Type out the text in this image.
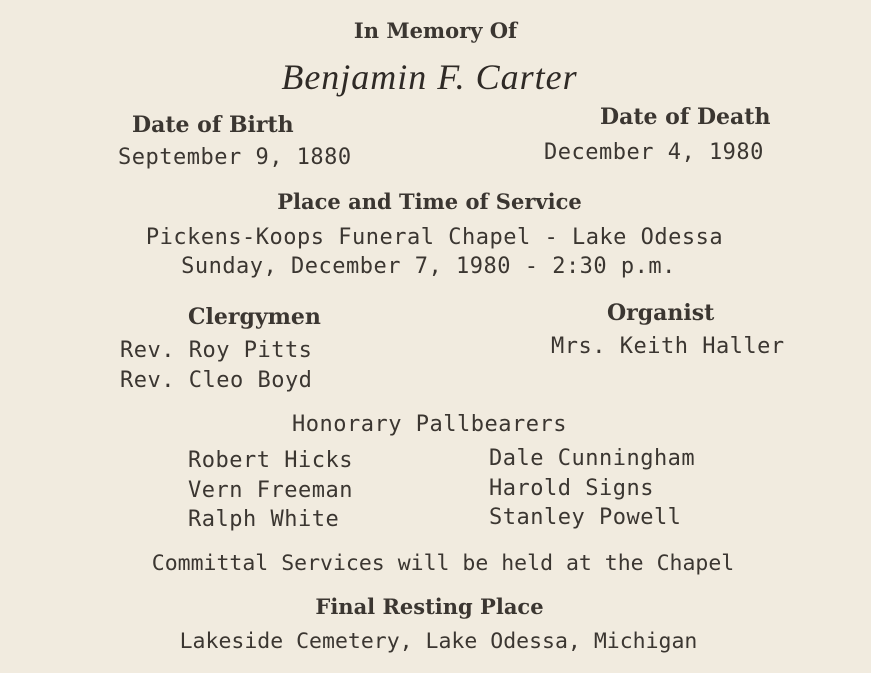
In Memory Of
Benjamin F. Carter
Date of Birth
September 9, 1880
Date of Death
December 4, 1980
Place and Time of Service
Pickens-Koops Funeral Chapel - Lake Odessa
Sunday, December 7, 1980 - 2:30 p.m.
Clergymen
Rev. Roy Pitts
Rev. Cleo Boyd
Organist
Mrs. Keith Haller
Honorary Pallbearers
Robert Hicks
Vern Freeman
Ralph White
Dale Cunningham
Harold Signs
Stanley Powell
Committal Services will be held at the Chapel
Final Resting Place
Lakeside Cemetery, Lake Odessa, Michigan
